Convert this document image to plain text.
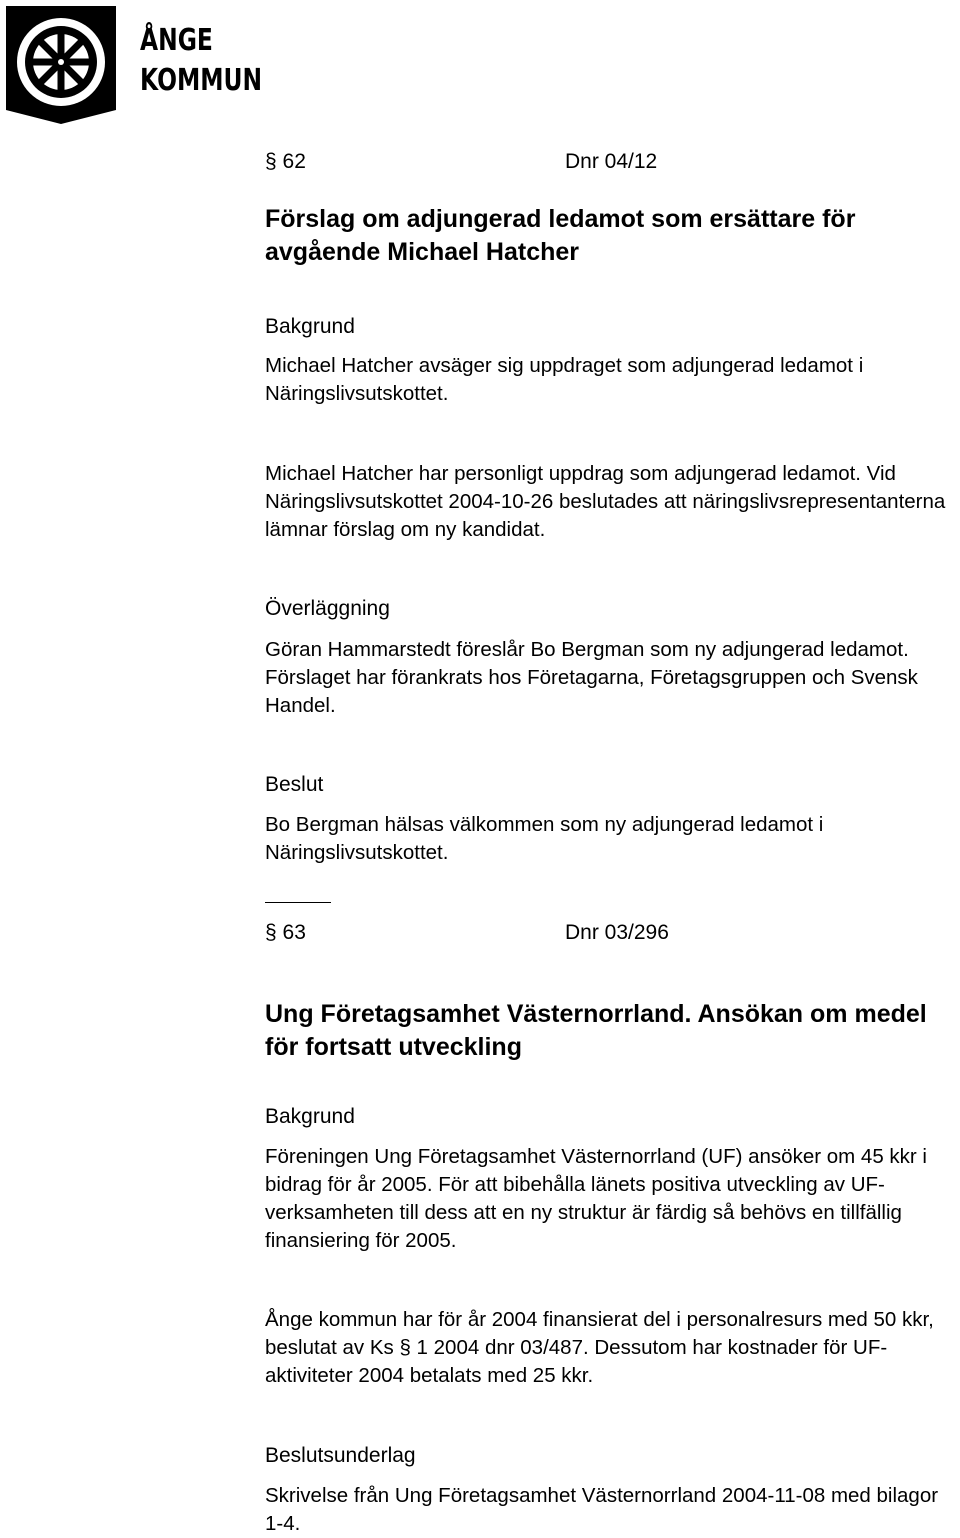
ÅNGE
KOMMUN
§ 62	Dnr 04/12
Förslag om adjungerad ledamot som ersättare för avgående Michael Hatcher
Bakgrund
Michael Hatcher avsäger sig uppdraget som adjungerad ledamot i Näringslivsutskottet.
Michael Hatcher har personligt uppdrag som adjungerad ledamot. Vid Näringslivsutskottet 2004-10-26 beslutades att näringslivsrepresentanterna lämnar förslag om ny kandidat.
Överläggning
Göran Hammarstedt föreslår Bo Bergman som ny adjungerad ledamot. Förslaget har förankrats hos Företagarna, Företagsgruppen och Svensk Handel.
Beslut
Bo Bergman hälsas välkommen som ny adjungerad ledamot i Näringslivsutskottet.
§ 63	Dnr 03/296
Ung Företagsamhet Västernorrland. Ansökan om medel för fortsatt utveckling
Bakgrund
Föreningen Ung Företagsamhet Västernorrland (UF) ansöker om 45 kkr i bidrag för år 2005. För att bibehålla länets positiva utveckling av UF-verksamheten till dess att en ny struktur är färdig så behövs en tillfällig finansiering för 2005.
Ånge kommun har för år 2004 finansierat del i personalresurs med 50 kkr, beslutat av Ks § 1 2004 dnr 03/487. Dessutom har kostnader för UF-aktiviteter 2004 betalats med 25 kkr.
Beslutsunderlag
Skrivelse från Ung Företagsamhet Västernorrland 2004-11-08 med bilagor 1-4.
